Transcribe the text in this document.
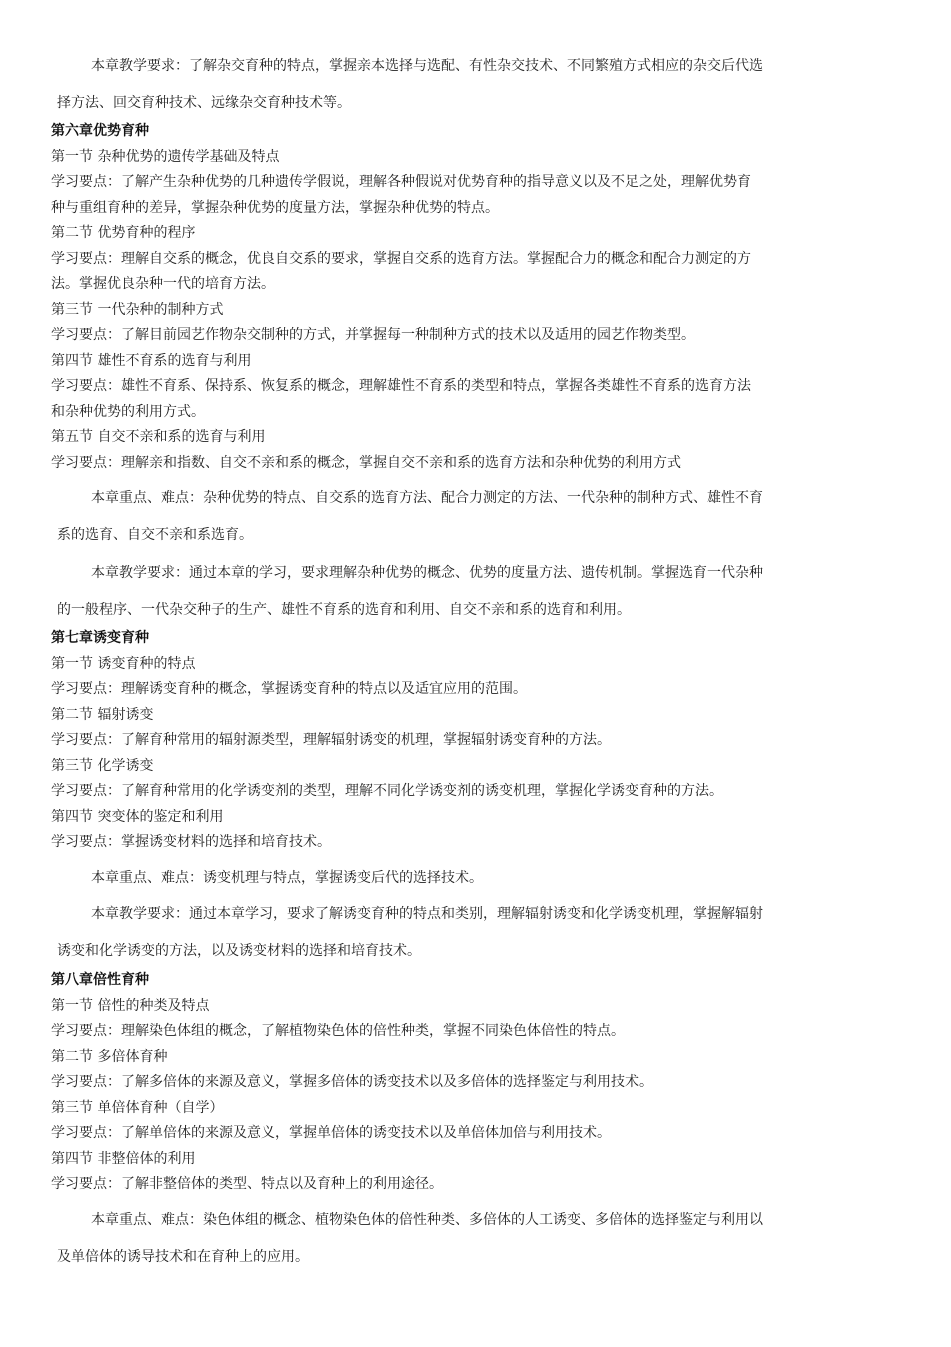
本章教学要求：了解杂交育种的特点，掌握亲本选择与选配、有性杂交技术、不同繁殖方式相应的杂交后代选
择方法、回交育种技术、远缘杂交育种技术等。
第六章优势育种
第一节 杂种优势的遗传学基础及特点
学习要点：了解产生杂种优势的几种遗传学假说，理解各种假说对优势育种的指导意义以及不足之处，理解优势育
种与重组育种的差异，掌握杂种优势的度量方法，掌握杂种优势的特点。
第二节 优势育种的程序
学习要点：理解自交系的概念，优良自交系的要求，掌握自交系的选育方法。掌握配合力的概念和配合力测定的方
法。掌握优良杂种一代的培育方法。
第三节 一代杂种的制种方式
学习要点：了解目前园艺作物杂交制种的方式，并掌握每一种制种方式的技术以及适用的园艺作物类型。
第四节 雄性不育系的选育与利用
学习要点：雄性不育系、保持系、恢复系的概念，理解雄性不育系的类型和特点，掌握各类雄性不育系的选育方法
和杂种优势的利用方式。
第五节 自交不亲和系的选育与利用
学习要点：理解亲和指数、自交不亲和系的概念，掌握自交不亲和系的选育方法和杂种优势的利用方式
本章重点、难点：杂种优势的特点、自交系的选育方法、配合力测定的方法、一代杂种的制种方式、雄性不育
系的选育、自交不亲和系选育。
本章教学要求：通过本章的学习，要求理解杂种优势的概念、优势的度量方法、遗传机制。掌握选育一代杂种
的一般程序、一代杂交种子的生产、雄性不育系的选育和利用、自交不亲和系的选育和利用。
第七章诱变育种
第一节 诱变育种的特点
学习要点：理解诱变育种的概念，掌握诱变育种的特点以及适宜应用的范围。
第二节 辐射诱变
学习要点：了解育种常用的辐射源类型，理解辐射诱变的机理，掌握辐射诱变育种的方法。
第三节 化学诱变
学习要点：了解育种常用的化学诱变剂的类型，理解不同化学诱变剂的诱变机理，掌握化学诱变育种的方法。
第四节 突变体的鉴定和利用
学习要点：掌握诱变材料的选择和培育技术。
本章重点、难点：诱变机理与特点，掌握诱变后代的选择技术。
本章教学要求：通过本章学习，要求了解诱变育种的特点和类别，理解辐射诱变和化学诱变机理，掌握解辐射
诱变和化学诱变的方法，以及诱变材料的选择和培育技术。
第八章倍性育种
第一节 倍性的种类及特点
学习要点：理解染色体组的概念，了解植物染色体的倍性种类，掌握不同染色体倍性的特点。
第二节 多倍体育种
学习要点：了解多倍体的来源及意义，掌握多倍体的诱变技术以及多倍体的选择鉴定与利用技术。
第三节 单倍体育种（自学）
学习要点：了解单倍体的来源及意义，掌握单倍体的诱变技术以及单倍体加倍与利用技术。
第四节 非整倍体的利用
学习要点：了解非整倍体的类型、特点以及育种上的利用途径。
本章重点、难点：染色体组的概念、植物染色体的倍性种类、多倍体的人工诱变、多倍体的选择鉴定与利用以
及单倍体的诱导技术和在育种上的应用。
